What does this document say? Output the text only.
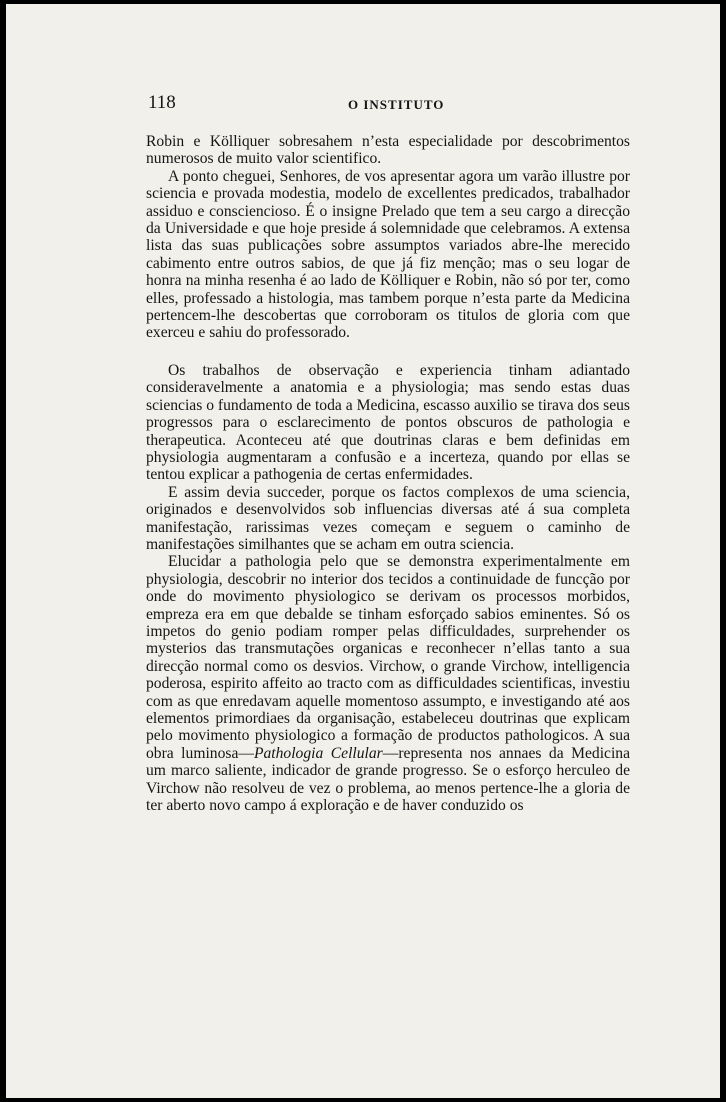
118	O INSTITUTO

Robin e Kölliquer sobresahem n’esta especialidade por descobrimentos numerosos de muito valor scientifico.

A ponto cheguei, Senhores, de vos apresentar agora um varão illustre por sciencia e provada modestia, modelo de excellentes predicados, trabalhador assiduo e consciencioso. É o insigne Prelado que tem a seu cargo a direcção da Universidade e que hoje preside á solemnidade que celebramos. A extensa lista das suas publicações sobre assumptos variados abre-lhe merecido cabimento entre outros sabios, de que já fiz menção; mas o seu logar de honra na minha resenha é ao lado de Kölliquer e Robin, não só por ter, como elles, professado a histologia, mas tambem porque n’esta parte da Medicina pertencem-lhe descobertas que corroboram os titulos de gloria com que exerceu e sahiu do professorado.

Os trabalhos de observação e experiencia tinham adiantado consideravelmente a anatomia e a physiologia; mas sendo estas duas sciencias o fundamento de toda a Medicina, escasso auxilio se tirava dos seus progressos para o esclarecimento de pontos obscuros de pathologia e therapeutica. Aconteceu até que doutrinas claras e bem definidas em physiologia augmentaram a confusão e a incerteza, quando por ellas se tentou explicar a pathogenia de certas enfermidades.

E assim devia succeder, porque os factos complexos de uma sciencia, originados e desenvolvidos sob influencias diversas até á sua completa manifestação, rarissimas vezes começam e seguem o caminho de manifestações similhantes que se acham em outra sciencia.

Elucidar a pathologia pelo que se demonstra experimentalmente em physiologia, descobrir no interior dos tecidos a continuidade de funcção por onde do movimento physiologico se derivam os processos morbidos, empreza era em que debalde se tinham esforçado sabios eminentes. Só os impetos do genio podiam romper pelas difficuldades, surprehender os mysterios das transmutações organicas e reconhecer n’ellas tanto a sua direcção normal como os desvios. Virchow, o grande Virchow, intelligencia poderosa, espirito affeito ao tracto com as difficuldades scientificas, investiu com as que enredavam aquelle momentoso assumpto, e investigando até aos elementos primordiaes da organisação, estabeleceu doutrinas que explicam pelo movimento physiologico a formação de productos pathologicos. A sua obra luminosa—Pathologia Cellular—representa nos annaes da Medicina um marco saliente, indicador de grande progresso. Se o esforço herculeo de Virchow não resolveu de vez o problema, ao menos pertence-lhe a gloria de ter aberto novo campo á exploração e de haver conduzido os
